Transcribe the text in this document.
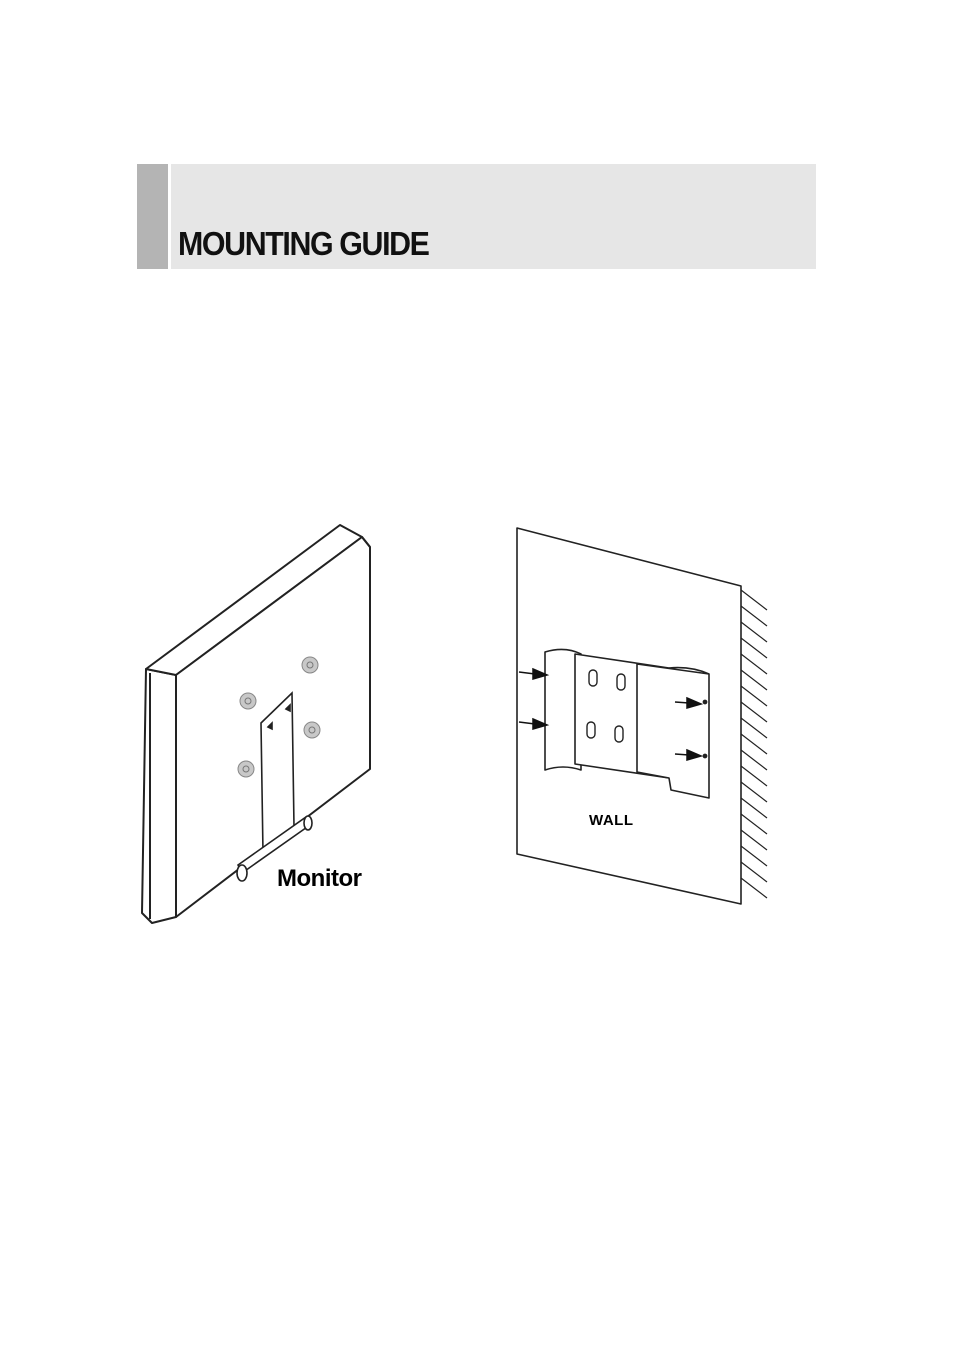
MOUNTING GUIDE

Monitor

WALL
